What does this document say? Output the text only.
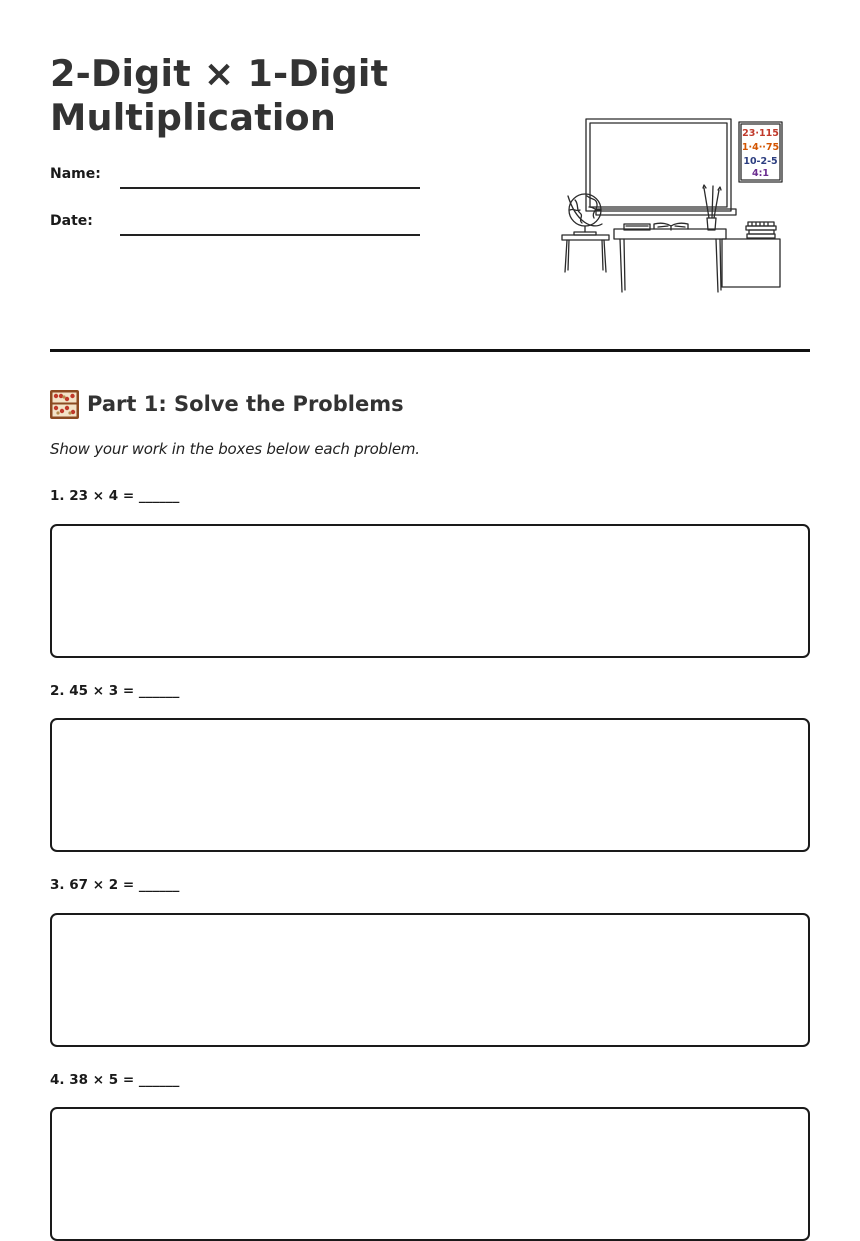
2-Digit × 1-Digit
Multiplication
Name:
Date:
23·115
1·4··75
10-2-5
4:1
Part 1: Solve the Problems
Show your work in the boxes below each problem.
1. 23 × 4 = ______
2. 45 × 3 = ______
3. 67 × 2 = ______
4. 38 × 5 = ______
